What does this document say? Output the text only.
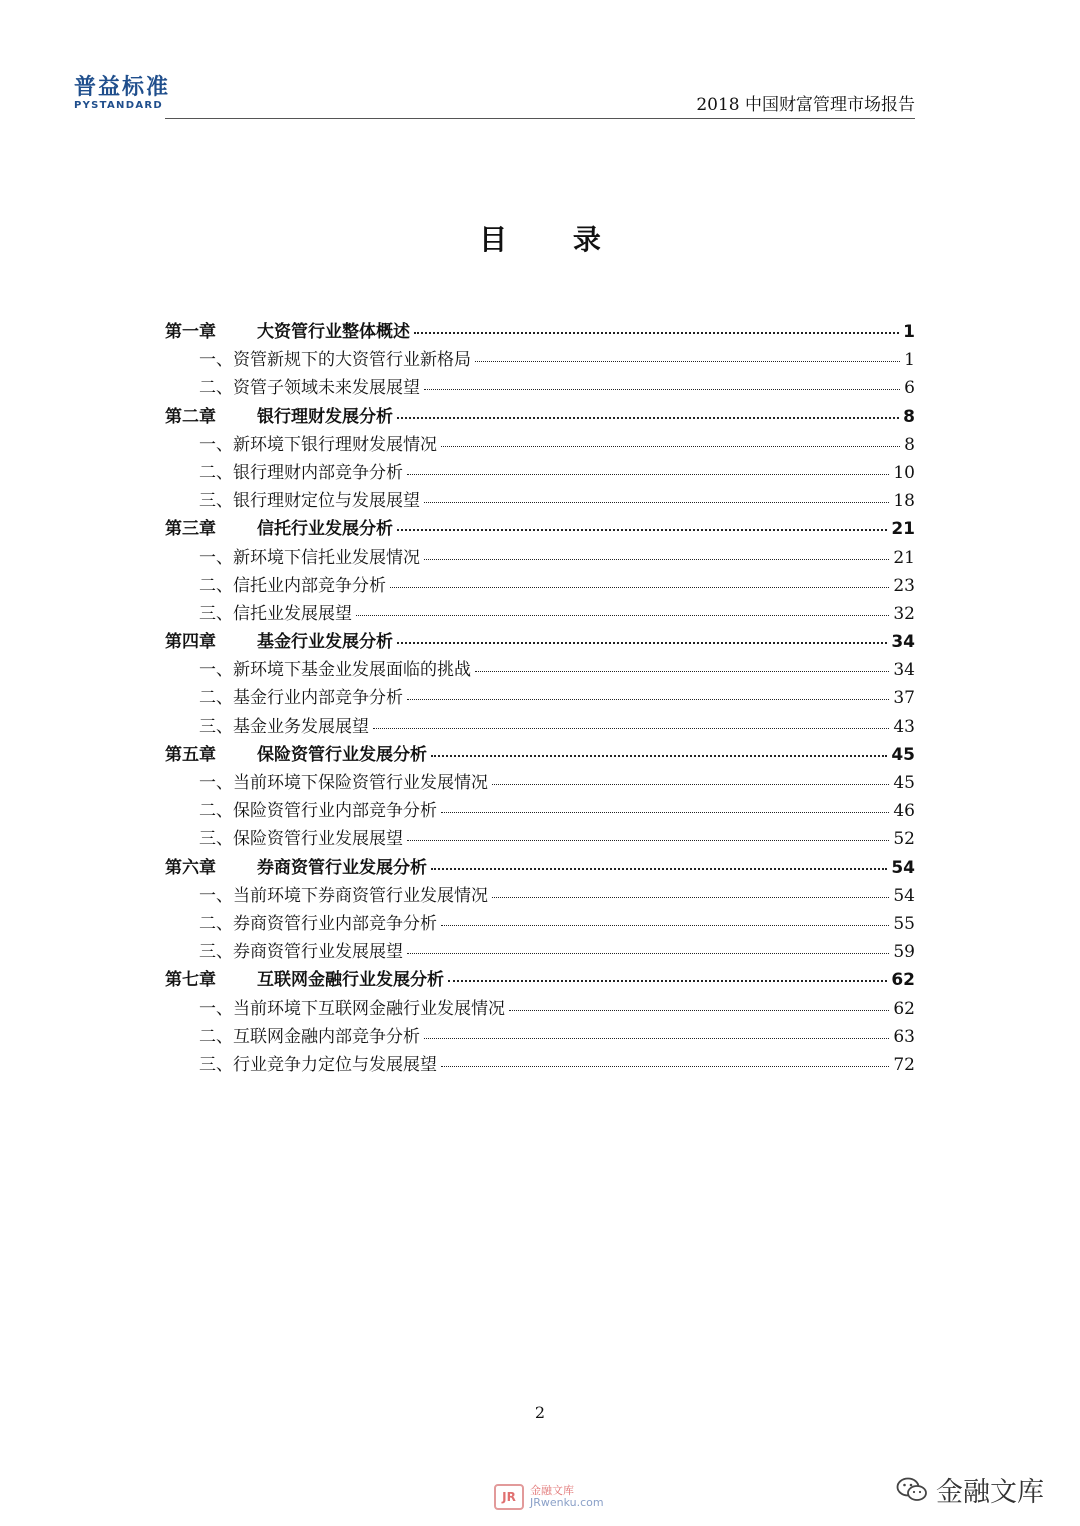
普益标准
PYSTANDARD	2018 中国财富管理市场报告
目 录
第一章	大资管行业整体概述	1
一、资管新规下的大资管行业新格局	1
二、资管子领域未来发展展望	6
第二章	银行理财发展分析	8
一、新环境下银行理财发展情况	8
二、银行理财内部竞争分析	10
三、银行理财定位与发展展望	18
第三章	信托行业发展分析	21
一、新环境下信托业发展情况	21
二、信托业内部竞争分析	23
三、信托业发展展望	32
第四章	基金行业发展分析	34
一、新环境下基金业发展面临的挑战	34
二、基金行业内部竞争分析	37
三、基金业务发展展望	43
第五章	保险资管行业发展分析	45
一、当前环境下保险资管行业发展情况	45
二、保险资管行业内部竞争分析	46
三、保险资管行业发展展望	52
第六章	券商资管行业发展分析	54
一、当前环境下券商资管行业发展情况	54
二、券商资管行业内部竞争分析	55
三、券商资管行业发展展望	59
第七章	互联网金融行业发展分析	62
一、当前环境下互联网金融行业发展情况	62
二、互联网金融内部竞争分析	63
三、行业竞争力定位与发展展望	72
2
JR	金融文库
JRwenku.com	金融文库
